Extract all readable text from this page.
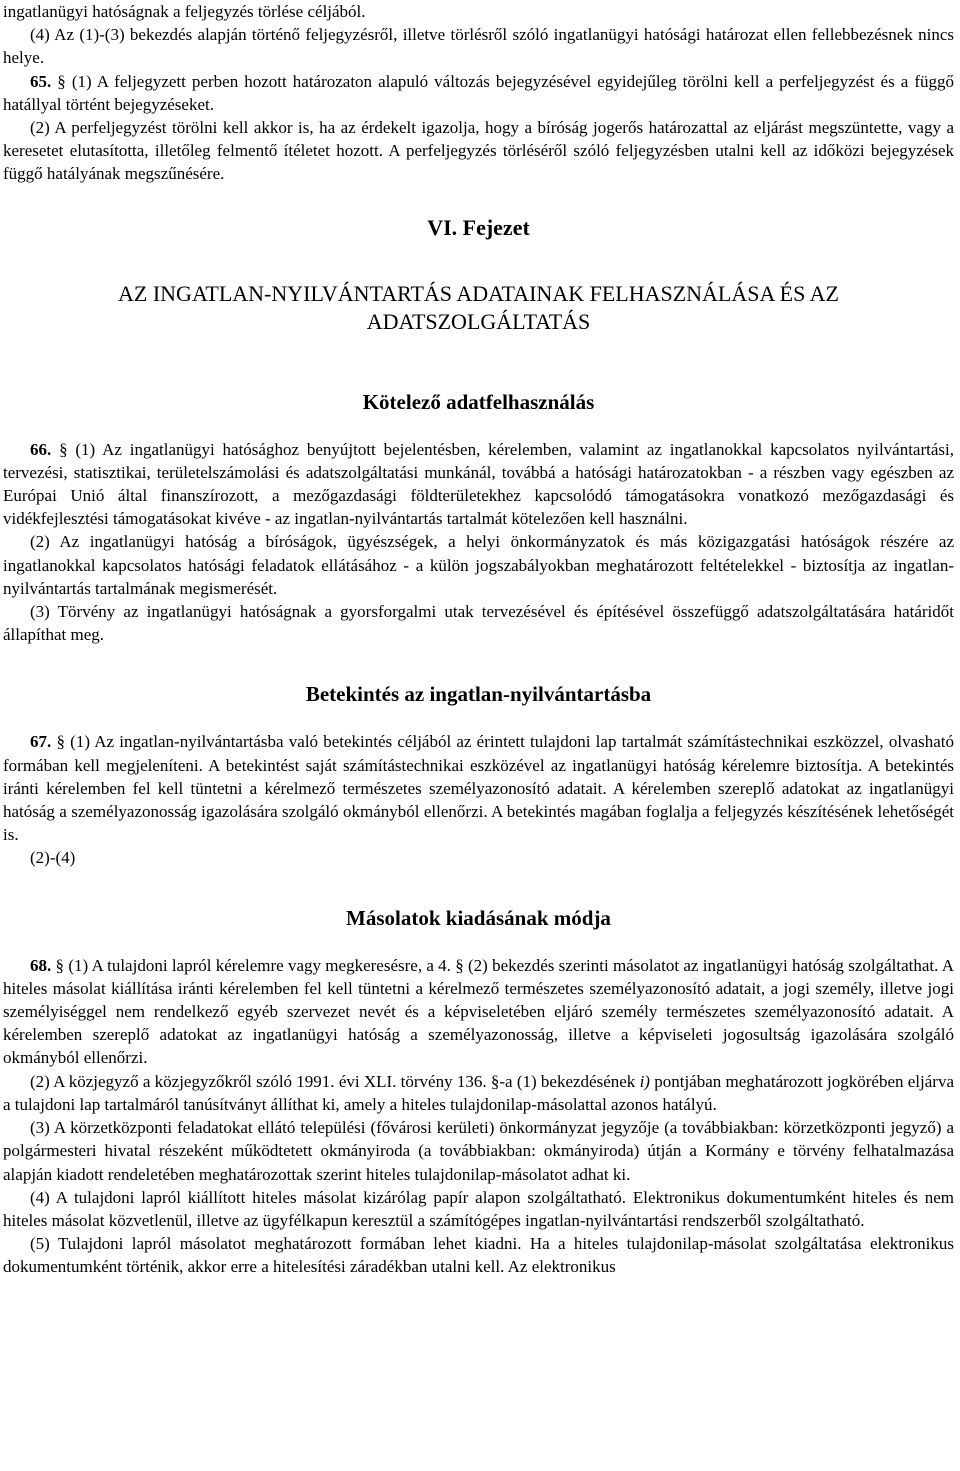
ingatlanügyi hatóságnak a feljegyzés törlése céljából.

(4) Az (1)-(3) bekezdés alapján történő feljegyzésről, illetve törlésről szóló ingatlanügyi hatósági határozat ellen fellebbezésnek nincs helye.

65. § (1) A feljegyzett perben hozott határozaton alapuló változás bejegyzésével egyidejűleg törölni kell a perfeljegyzést és a függő hatállyal történt bejegyzéseket.

(2) A perfeljegyzést törölni kell akkor is, ha az érdekelt igazolja, hogy a bíróság jogerős határozattal az eljárást megszüntette, vagy a keresetet elutasította, illetőleg felmentő ítéletet hozott. A perfeljegyzés törléséről szóló feljegyzésben utalni kell az időközi bejegyzések függő hatályának megszűnésére.

VI. Fejezet
AZ INGATLAN-NYILVÁNTARTÁS ADATAINAK FELHASZNÁLÁSA ÉS AZ
ADATSZOLGÁLTATÁS
Kötelező adatfelhasználás

66. § (1) Az ingatlanügyi hatósághoz benyújtott bejelentésben, kérelemben, valamint az ingatlanokkal kapcsolatos nyilvántartási, tervezési, statisztikai, területelszámolási és adatszolgáltatási munkánál, továbbá a hatósági határozatokban - a részben vagy egészben az Európai Unió által finanszírozott, a mezőgazdasági földterületekhez kapcsolódó támogatásokra vonatkozó mezőgazdasági és vidékfejlesztési támogatásokat kivéve - az ingatlan-nyilvántartás tartalmát kötelezően kell használni.

(2) Az ingatlanügyi hatóság a bíróságok, ügyészségek, a helyi önkormányzatok és más közigazgatási hatóságok részére az ingatlanokkal kapcsolatos hatósági feladatok ellátásához - a külön jogszabályokban meghatározott feltételekkel - biztosítja az ingatlan-nyilvántartás tartalmának megismerését.

(3) Törvény az ingatlanügyi hatóságnak a gyorsforgalmi utak tervezésével és építésével összefüggő adatszolgáltatására határidőt állapíthat meg.

Betekintés az ingatlan-nyilvántartásba

67. § (1) Az ingatlan-nyilvántartásba való betekintés céljából az érintett tulajdoni lap tartalmát számítástechnikai eszközzel, olvasható formában kell megjeleníteni. A betekintést saját számítástechnikai eszközével az ingatlanügyi hatóság kérelemre biztosítja. A betekintés iránti kérelemben fel kell tüntetni a kérelmező természetes személyazonosító adatait. A kérelemben szereplő adatokat az ingatlanügyi hatóság a személyazonosság igazolására szolgáló okmányból ellenőrzi. A betekintés magában foglalja a feljegyzés készítésének lehetőségét is.

(2)-(4)

Másolatok kiadásának módja

68. § (1) A tulajdoni lapról kérelemre vagy megkeresésre, a 4. § (2) bekezdés szerinti másolatot az ingatlanügyi hatóság szolgáltathat. A hiteles másolat kiállítása iránti kérelemben fel kell tüntetni a kérelmező természetes személyazonosító adatait, a jogi személy, illetve jogi személyiséggel nem rendelkező egyéb szervezet nevét és a képviseletében eljáró személy természetes személyazonosító adatait. A kérelemben szereplő adatokat az ingatlanügyi hatóság a személyazonosság, illetve a képviseleti jogosultság igazolására szolgáló okmányból ellenőrzi.

(2) A közjegyző a közjegyzőkről szóló 1991. évi XLI. törvény 136. §-a (1) bekezdésének i) pontjában meghatározott jogkörében eljárva a tulajdoni lap tartalmáról tanúsítványt állíthat ki, amely a hiteles tulajdonilap-másolattal azonos hatályú.

(3) A körzetközponti feladatokat ellátó települési (fővárosi kerületi) önkormányzat jegyzője (a továbbiakban: körzetközponti jegyző) a polgármesteri hivatal részeként működtetett okmányiroda (a továbbiakban: okmányiroda) útján a Kormány e törvény felhatalmazása alapján kiadott rendeletében meghatározottak szerint hiteles tulajdonilap-másolatot adhat ki.

(4) A tulajdoni lapról kiállított hiteles másolat kizárólag papír alapon szolgáltatható. Elektronikus dokumentumként hiteles és nem hiteles másolat közvetlenül, illetve az ügyfélkapun keresztül a számítógépes ingatlan-nyilvántartási rendszerből szolgáltatható.

(5) Tulajdoni lapról másolatot meghatározott formában lehet kiadni. Ha a hiteles tulajdonilap-másolat szolgáltatása elektronikus dokumentumként történik, akkor erre a hitelesítési záradékban utalni kell. Az elektronikus
